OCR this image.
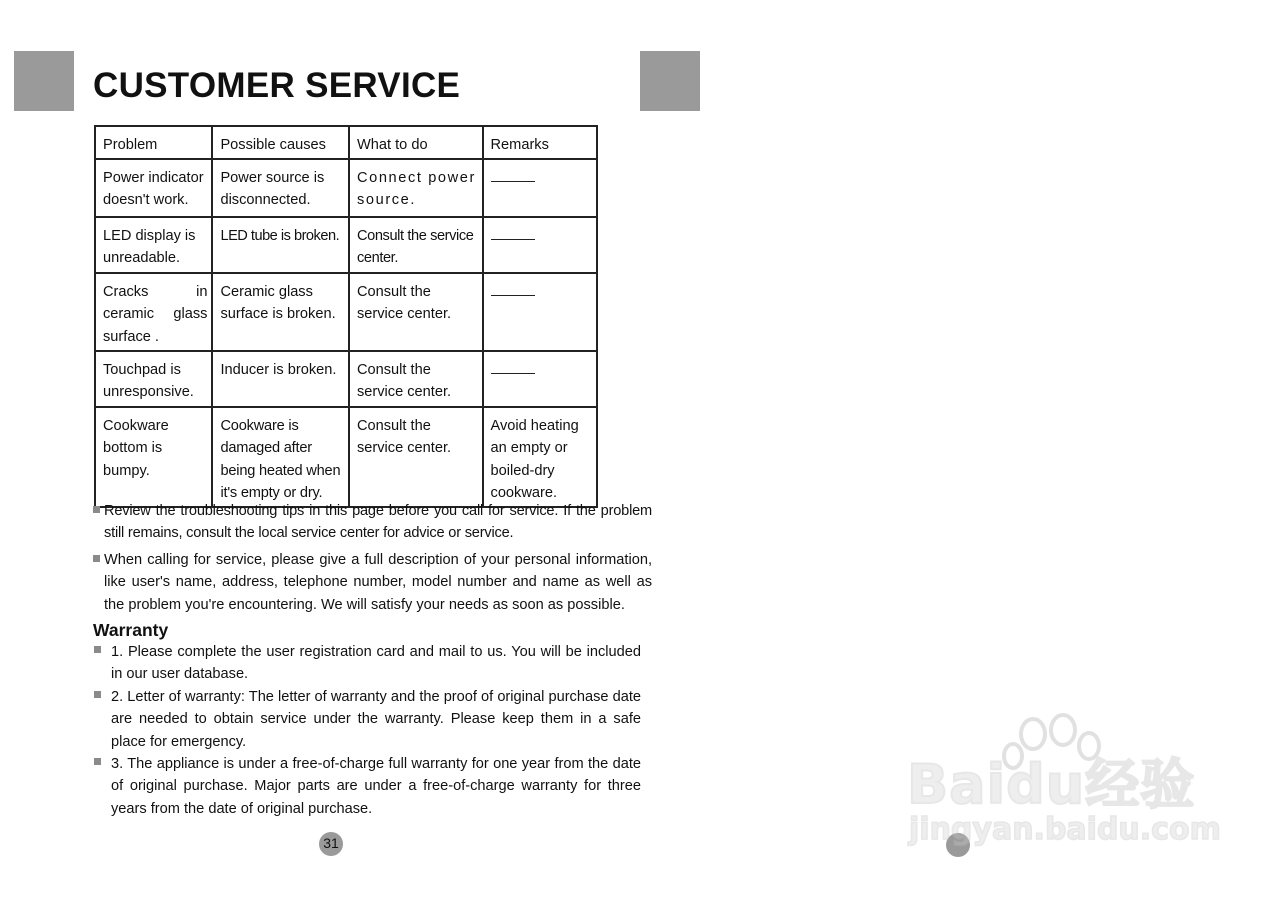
CUSTOMER SERVICE
Problem	Possible causes	What to do	Remarks
Power indicator doesn't work.	Power source is disconnected.	Connect power source.	
LED display is unreadable.	LED tube is broken.	Consult the service center.	
Cracks in ceramic glass surface .	Ceramic glass surface is broken.	Consult the service center.	
Touchpad is unresponsive.	Inducer is broken.	Consult the service center.	
Cookware bottom is bumpy.	Cookware is damaged after being heated when it's empty or dry.	Consult the service center.	Avoid heating an empty or boiled-dry cookware.

Review the troubleshooting tips in this page before you call for service. If the problem still remains, consult the local service center for advice or service.

When calling for service, please give a full description of your personal information, like user's name, address, telephone number, model number and name as well as the problem you're encountering. We will satisfy your needs as soon as possible.

Warranty

1. Please complete the user registration card and mail to us. You will be included in our user database.

2. Letter of warranty: The letter of warranty and the proof of original purchase date are needed to obtain service under the warranty. Please keep them in a safe place for emergency.

3. The appliance is under a free-of-charge full warranty for one year from the date of original purchase. Major parts are under a free-of-charge warranty for three years from the date of original purchase.

31
Baidu经验
jingyan.baidu.com
